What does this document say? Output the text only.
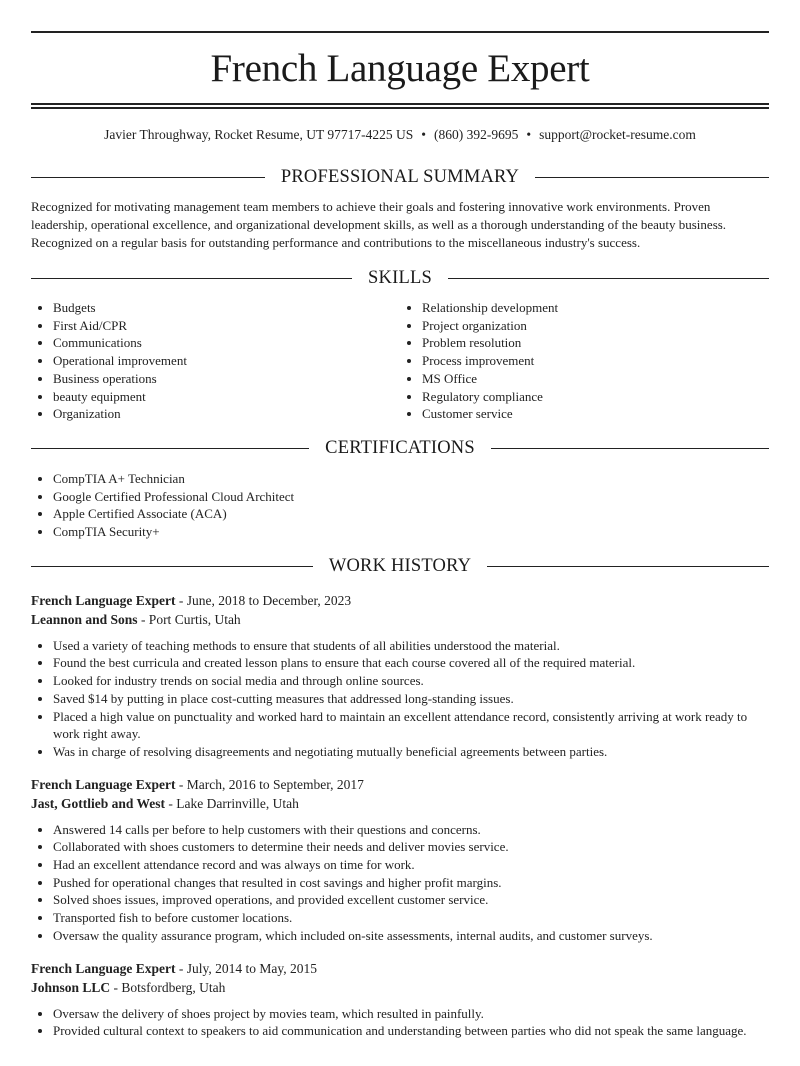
French Language Expert
Javier Throughway, Rocket Resume, UT 97717-4225 US • (860) 392-9695 • support@rocket-resume.com
PROFESSIONAL SUMMARY

Recognized for motivating management team members to achieve their goals and fostering innovative work environments. Proven leadership, operational excellence, and organizational development skills, as well as a thorough understanding of the beauty business. Recognized on a regular basis for outstanding performance and contributions to the miscellaneous industry's success.

SKILLS
• Budgets
• First Aid/CPR
• Communications
• Operational improvement
• Business operations
• beauty equipment
• Organization
• Relationship development
• Project organization
• Problem resolution
• Process improvement
• MS Office
• Regulatory compliance
• Customer service
CERTIFICATIONS
• CompTIA A+ Technician
• Google Certified Professional Cloud Architect
• Apple Certified Associate (ACA)
• CompTIA Security+
WORK HISTORY
French Language Expert - June, 2018 to December, 2023
Leannon and Sons - Port Curtis, Utah
• Used a variety of teaching methods to ensure that students of all abilities understood the material.
• Found the best curricula and created lesson plans to ensure that each course covered all of the required material.
• Looked for industry trends on social media and through online sources.
• Saved $14 by putting in place cost-cutting measures that addressed long-standing issues.
• Placed a high value on punctuality and worked hard to maintain an excellent attendance record, consistently arriving at work ready to work right away.
• Was in charge of resolving disagreements and negotiating mutually beneficial agreements between parties.
French Language Expert - March, 2016 to September, 2017
Jast, Gottlieb and West - Lake Darrinville, Utah
• Answered 14 calls per before to help customers with their questions and concerns.
• Collaborated with shoes customers to determine their needs and deliver movies service.
• Had an excellent attendance record and was always on time for work.
• Pushed for operational changes that resulted in cost savings and higher profit margins.
• Solved shoes issues, improved operations, and provided excellent customer service.
• Transported fish to before customer locations.
• Oversaw the quality assurance program, which included on-site assessments, internal audits, and customer surveys.
French Language Expert - July, 2014 to May, 2015
Johnson LLC - Botsfordberg, Utah
• Oversaw the delivery of shoes project by movies team, which resulted in painfully.
• Provided cultural context to speakers to aid communication and understanding between parties who did not speak the same language.
